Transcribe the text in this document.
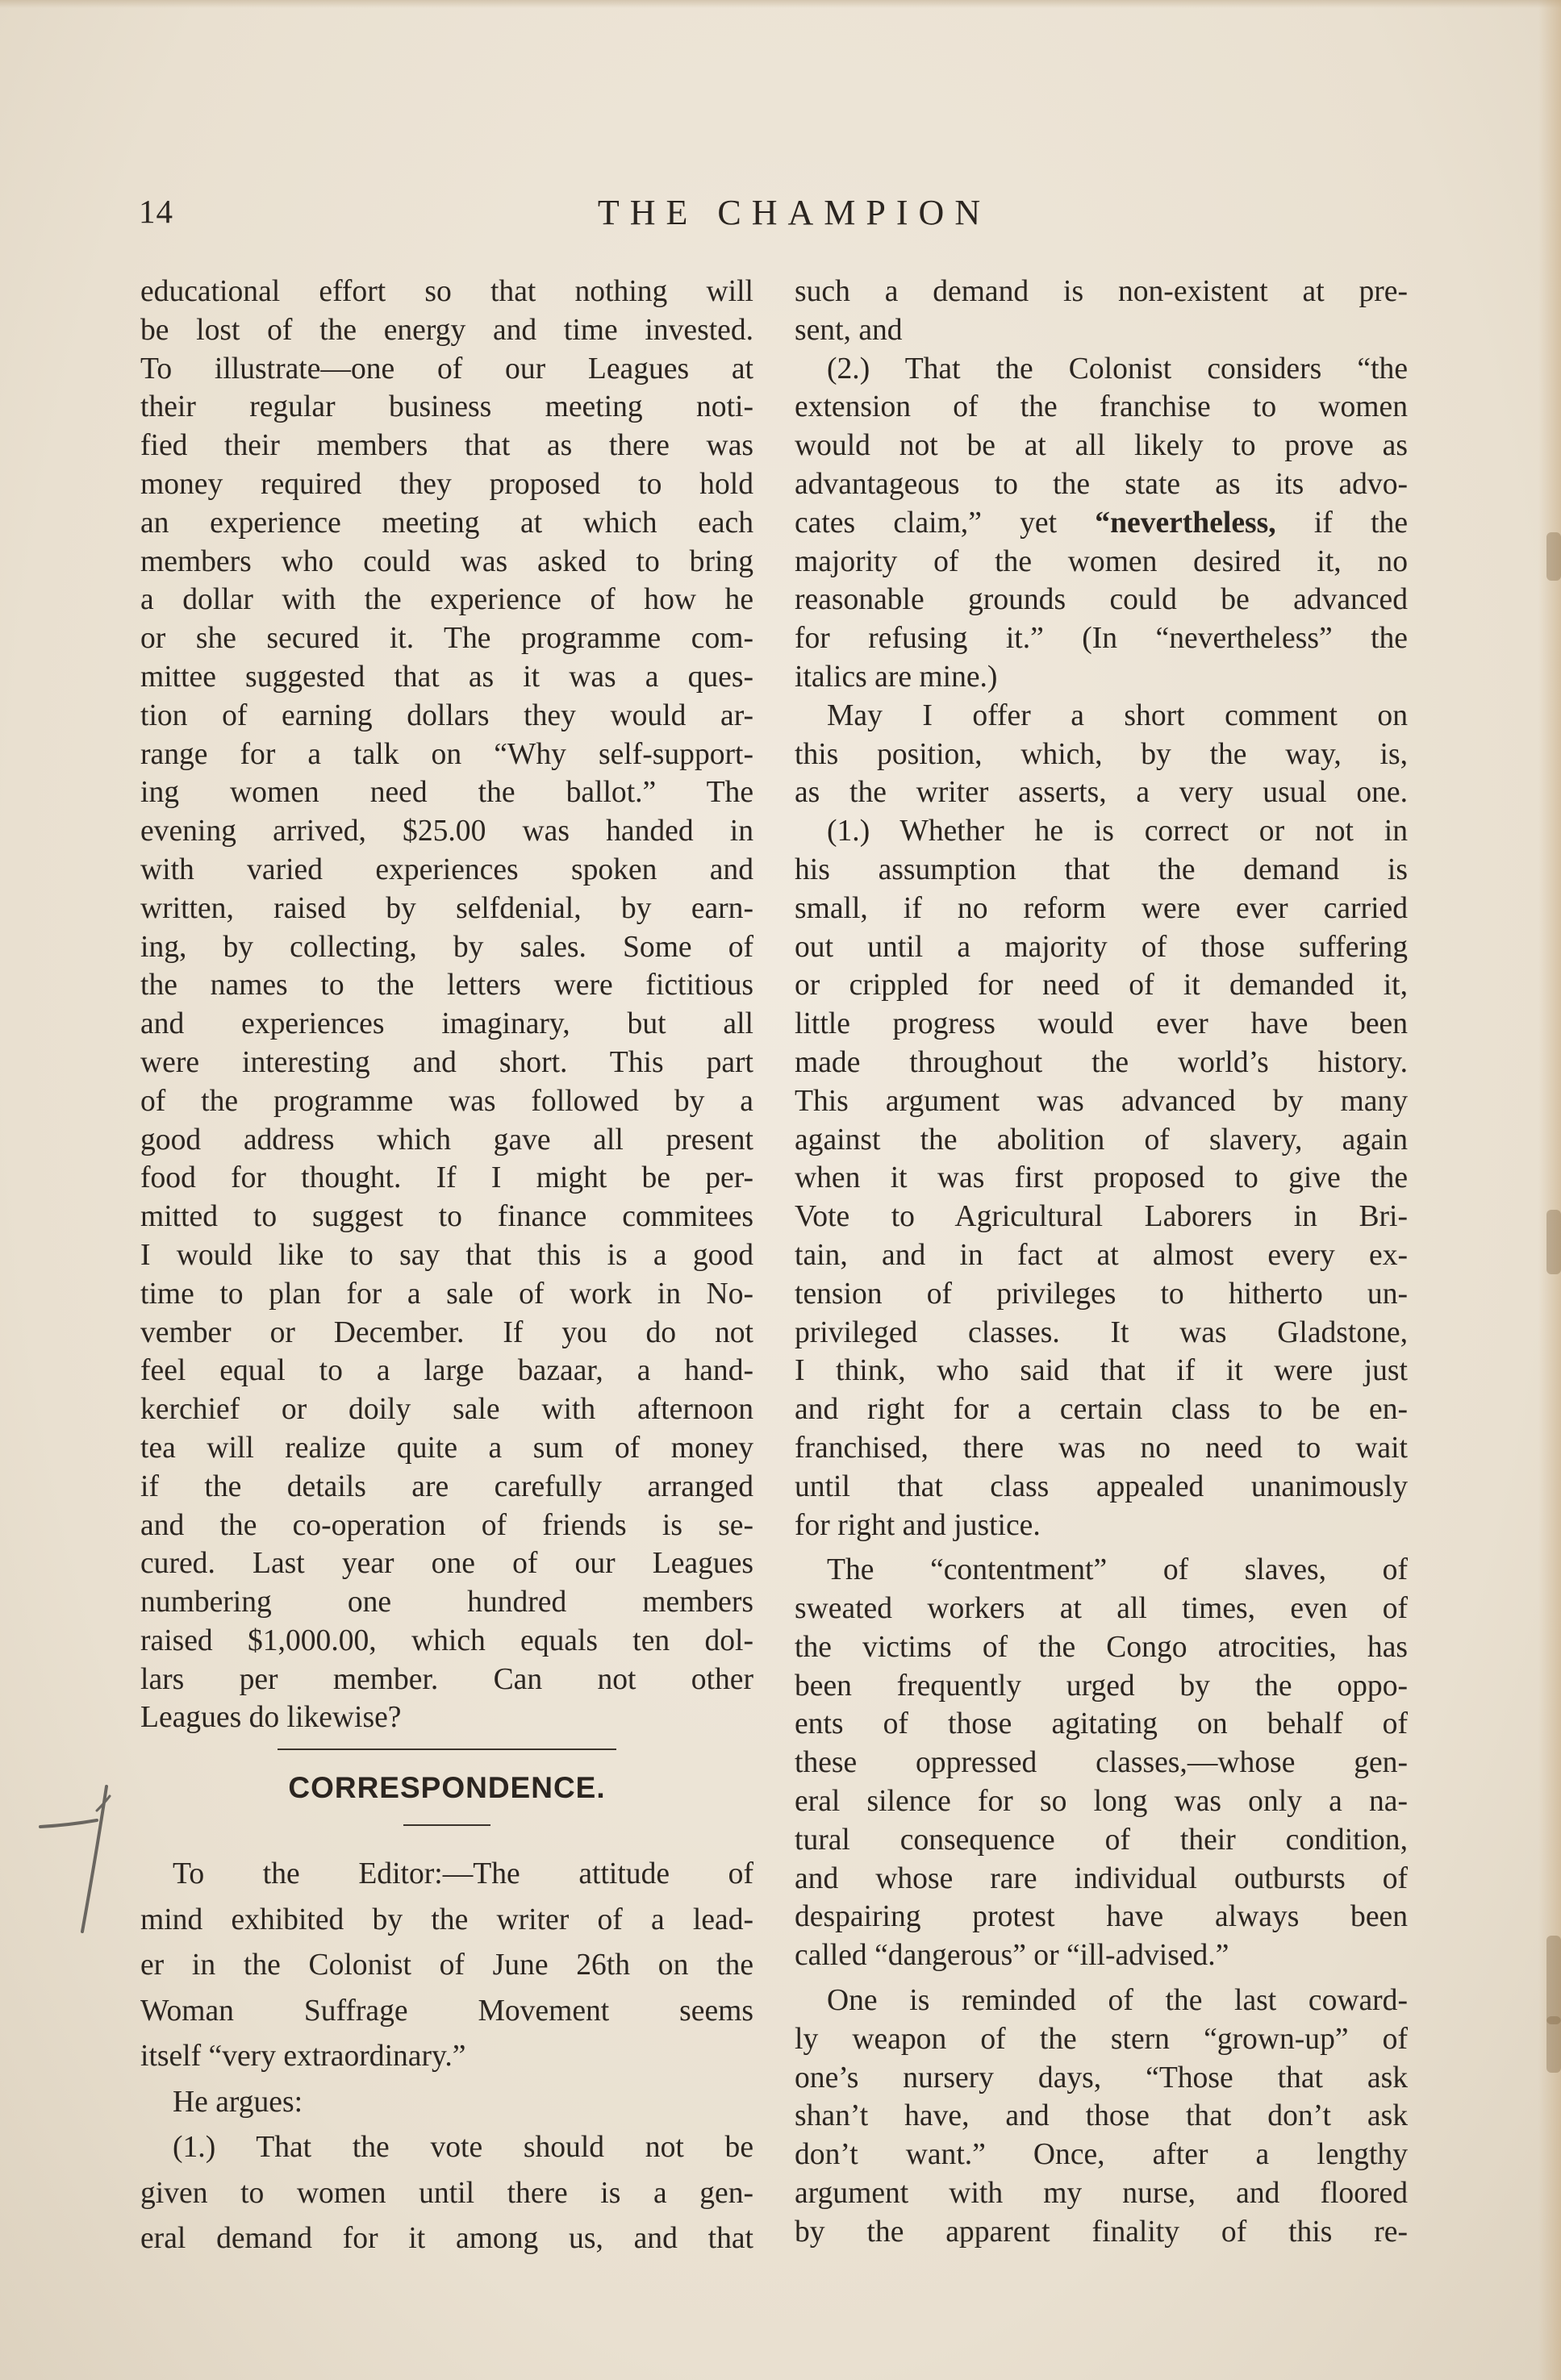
14	THE CHAMPION
educational effort so that nothing will
be lost of the energy and time invested.
To illustrate—one of our Leagues at
their regular business meeting noti-
fied their members that as there was
money required they proposed to hold
an experience meeting at which each
members who could was asked to bring
a dollar with the experience of how he
or she secured it. The programme com-
mittee suggested that as it was a ques-
tion of earning dollars they would ar-
range for a talk on “Why self-support-
ing women need the ballot.” The
evening arrived, $25.00 was handed in
with varied experiences spoken and
written, raised by selfdenial, by earn-
ing, by collecting, by sales. Some of
the names to the letters were fictitious
and experiences imaginary, but all
were interesting and short. This part
of the programme was followed by a
good address which gave all present
food for thought. If I might be per-
mitted to suggest to finance commitees
I would like to say that this is a good
time to plan for a sale of work in No-
vember or December. If you do not
feel equal to a large bazaar, a hand-
kerchief or doily sale with afternoon
tea will realize quite a sum of money
if the details are carefully arranged
and the co-operation of friends is se-
cured. Last year one of our Leagues
numbering one hundred members
raised $1,000.00, which equals ten dol-
lars per member. Can not other
Leagues do likewise?
CORRESPONDENCE.
To the Editor:—The attitude of
mind exhibited by the writer of a lead-
er in the Colonist of June 26th on the
Woman Suffrage Movement seems
itself “very extraordinary.”
He argues:
(1.) That the vote should not be
given to women until there is a gen-
eral demand for it among us, and that
such a demand is non-existent at pre-
sent, and
(2.) That the Colonist considers “the
extension of the franchise to women
would not be at all likely to prove as
advantageous to the state as its advo-
cates claim,” yet “nevertheless, if the
majority of the women desired it, no
reasonable grounds could be advanced
for refusing it.” (In “nevertheless” the
italics are mine.)
May I offer a short comment on
this position, which, by the way, is,
as the writer asserts, a very usual one.
(1.) Whether he is correct or not in
his assumption that the demand is
small, if no reform were ever carried
out until a majority of those suffering
or crippled for need of it demanded it,
little progress would ever have been
made throughout the world’s history.
This argument was advanced by many
against the abolition of slavery, again
when it was first proposed to give the
Vote to Agricultural Laborers in Bri-
tain, and in fact at almost every ex-
tension of privileges to hitherto un-
privileged classes. It was Gladstone,
I think, who said that if it were just
and right for a certain class to be en-
franchised, there was no need to wait
until that class appealed unanimously
for right and justice.
The “contentment” of slaves, of
sweated workers at all times, even of
the victims of the Congo atrocities, has
been frequently urged by the oppo-
ents of those agitating on behalf of
these oppressed classes,—whose gen-
eral silence for so long was only a na-
tural consequence of their condition,
and whose rare individual outbursts of
despairing protest have always been
called “dangerous” or “ill-advised.”
One is reminded of the last coward-
ly weapon of the stern “grown-up” of
one’s nursery days, “Those that ask
shan’t have, and those that don’t ask
don’t want.” Once, after a lengthy
argument with my nurse, and floored
by the apparent finality of this re-
